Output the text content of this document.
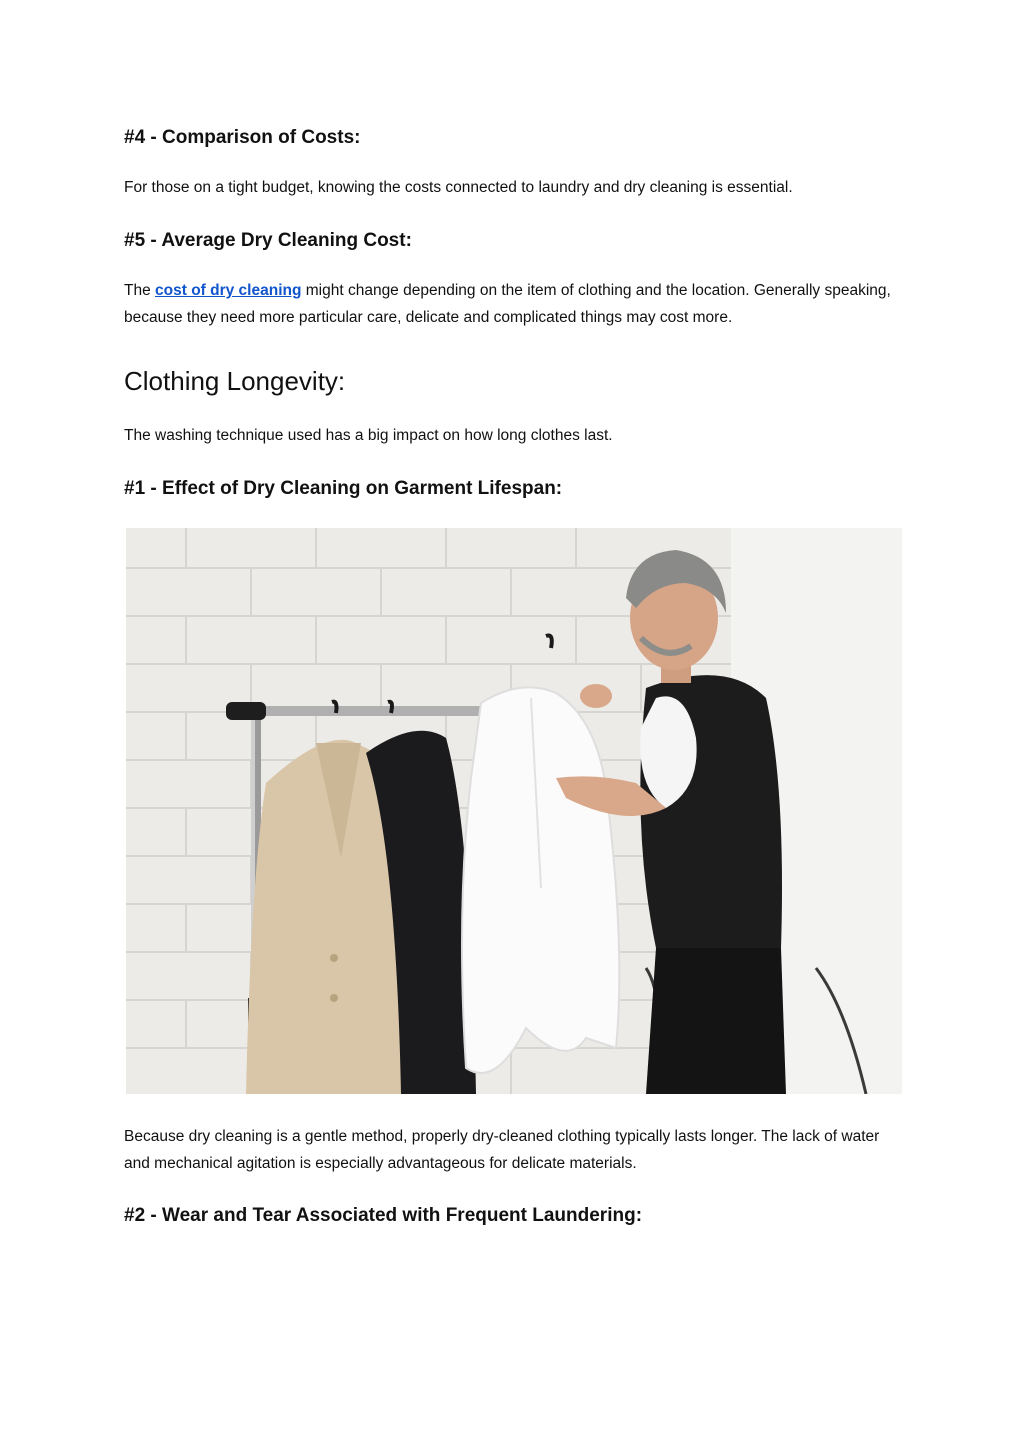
#4 - Comparison of Costs:

For those on a tight budget, knowing the costs connected to laundry and dry cleaning is essential.

#5 - Average Dry Cleaning Cost:

The cost of dry cleaning might change depending on the item of clothing and the location. Generally speaking, because they need more particular care, delicate and complicated things may cost more.

Clothing Longevity:

The washing technique used has a big impact on how long clothes last.

#1 - Effect of Dry Cleaning on Garment Lifespan:

Because dry cleaning is a gentle method, properly dry-cleaned clothing typically lasts longer. The lack of water and mechanical agitation is especially advantageous for delicate materials.

#2 - Wear and Tear Associated with Frequent Laundering:
